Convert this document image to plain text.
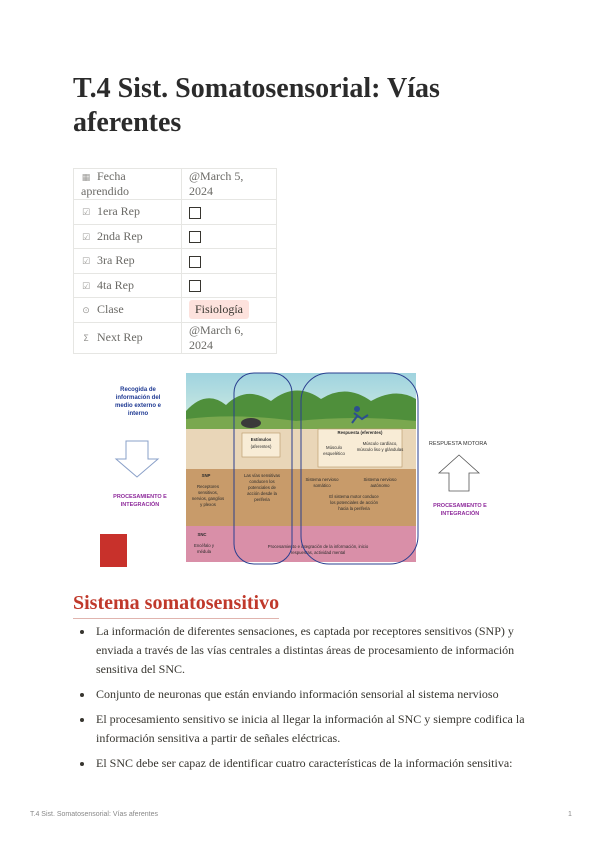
T.4 Sist. Somatosensorial: Vías aferentes
▦ Fecha aprendido	@March 5, 2024
☑ 1era Rep	
☑ 2nda Rep	
☑ 3ra Rep	
☑ 4ta Rep	
⊙ Clase	Fisiología
Σ Next Rep	@March 6, 2024
Recogida de
información del
medio externo e
interno
PROCESAMIENTO E
INTEGRACIÓN
Estímulos
(aferentes)
Respuesta (eferentes)
Músculo
esquelético
Músculo cardíaco,
músculo liso y glándulas
SNP
Receptores
sensitivos,
nervios, ganglios
y plexos
Las vías sensitivas
conducen los
potenciales de
acción desde la
periferia
Sistema nervioso
somático
Sistema nervioso
autónomo
El sistema motor conduce
los potenciales de acción
hacia la periferia
SNC
Encéfalo y
médula
Procesamiento e integración de la información, inicio
respuestas, actividad mental
RESPUESTA MOTORA
PROCESAMIENTO E
INTEGRACIÓN
Sistema somatosensitivo
• La información de diferentes sensaciones, es captada por receptores sensitivos (SNP) y enviada a través de las vías centrales a distintas áreas de procesamiento de información sensitiva del SNC.
• Conjunto de neuronas que están enviando información sensorial al sistema nervioso
• El procesamiento sensitivo se inicia al llegar la información al SNC y siempre codifica la información sensitiva a partir de señales eléctricas.
• El SNC debe ser capaz de identificar cuatro características de la información sensitiva:
T.4 Sist. Somatosensorial: Vías aferentes	1
